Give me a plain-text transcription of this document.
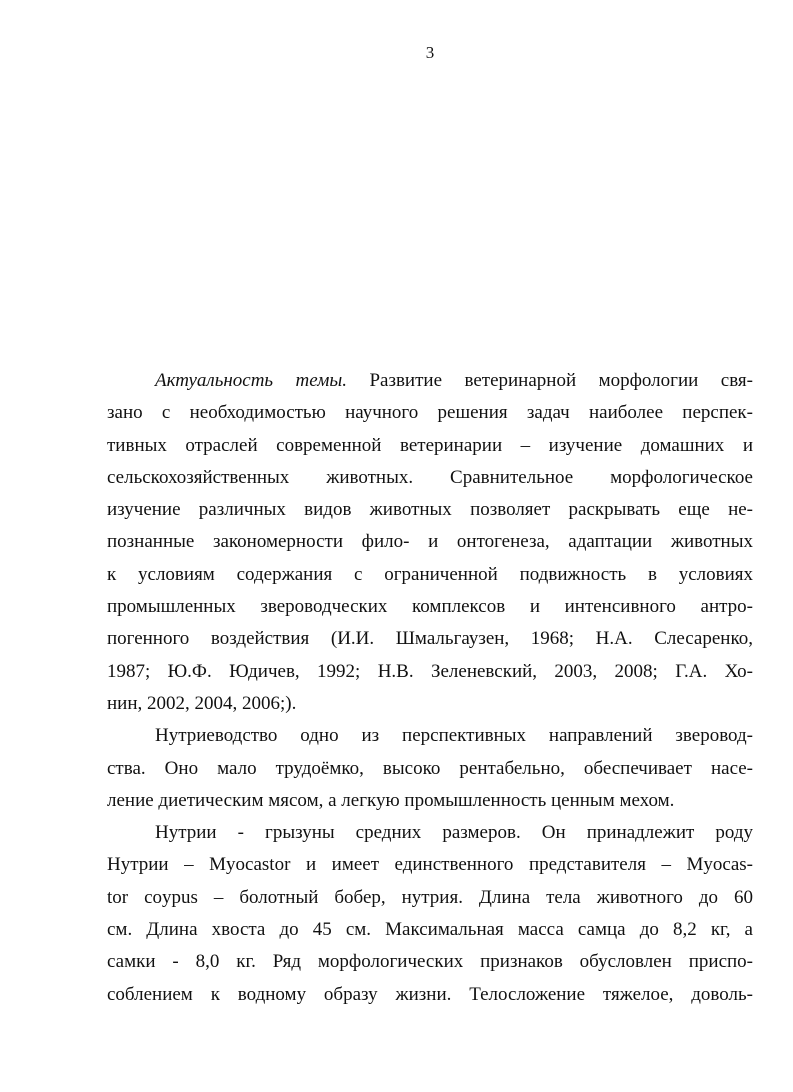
3
Актуальность темы. Развитие ветеринарной морфологии свя-
зано с необходимостью научного решения задач наиболее перспек-
тивных отраслей современной ветеринарии – изучение домашних и
сельскохозяйственных животных. Сравнительное морфологическое
изучение различных видов животных позволяет раскрывать еще не-
познанные закономерности фило- и онтогенеза, адаптации животных
к условиям содержания с ограниченной подвижность в условиях
промышленных звероводческих комплексов и интенсивного антро-
погенного воздействия (И.И. Шмальгаузен, 1968; Н.А. Слесаренко,
1987; Ю.Ф. Юдичев, 1992; Н.В. Зеленевский, 2003, 2008; Г.А. Хо-
нин, 2002, 2004, 2006;).
Нутриеводство одно из перспективных направлений зверовод-
ства. Оно мало трудоёмко, высоко рентабельно, обеспечивает насе-
ление диетическим мясом, а легкую промышленность ценным мехом.
Нутрии - грызуны средних размеров. Он принадлежит роду
Нутрии – Myocastor и имеет единственного представителя – Myocas-
tor coypus – болотный бобер, нутрия. Длина тела животного до 60
см. Длина хвоста до 45 см. Максимальная масса самца до 8,2 кг, а
самки - 8,0 кг. Ряд морфологических признаков обусловлен приспо-
соблением к водному образу жизни. Телосложение тяжелое, доволь-
